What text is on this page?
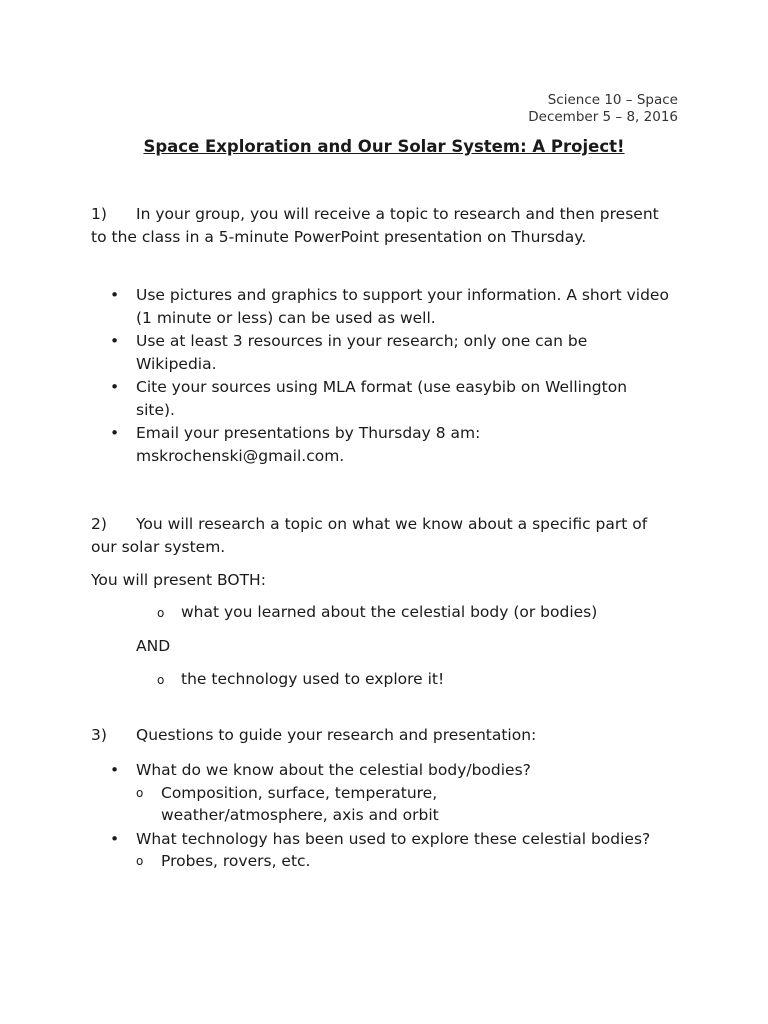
Science 10 – Space
December 5 – 8, 2016
Space Exploration and Our Solar System: A Project!
1) In your group, you will receive a topic to research and then present to the class in a 5-minute PowerPoint presentation on Thursday.
• Use pictures and graphics to support your information. A short video (1 minute or less) can be used as well.
• Use at least 3 resources in your research; only one can be Wikipedia.
• Cite your sources using MLA format (use easybib on Wellington site).
• Email your presentations by Thursday 8 am: mskrochenski@gmail.com.
2) You will research a topic on what we know about a specific part of our solar system.
You will present BOTH:
o what you learned about the celestial body (or bodies)
AND
o the technology used to explore it!
3) Questions to guide your research and presentation:
• What do we know about the celestial body/bodies?
o Composition, surface, temperature, weather/atmosphere, axis and orbit
• What technology has been used to explore these celestial bodies?
o Probes, rovers, etc.
